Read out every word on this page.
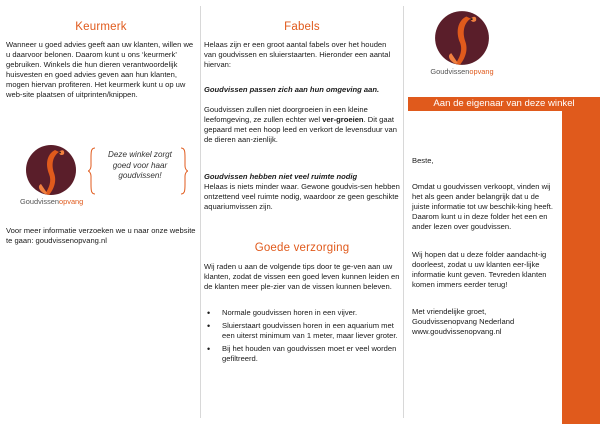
Keurmerk

Wanneer u goed advies geeft aan uw klanten, willen we u daarvoor belonen. Daarom kunt u ons ‘keurmerk’ gebruiken. Winkels die hun dieren verantwoordelijk huisvesten en goed advies geven aan hun klanten, mogen hiervan profiteren. Het keurmerk kunt u op uw web-site plaatsen of uitprinten/knippen.

Goudvissenopvang
Deze winkel zorgt goed voor haar goudvissen!

Voor meer informatie verzoeken we u naar onze website te gaan: goudvissenopvang.nl

Fabels

Helaas zijn er een groot aantal fabels over het houden van goudvissen en sluierstaarten. Hieronder een aantal hiervan:

Goudvissen passen zich aan hun omgeving aan.

Goudvissen zullen niet doorgroeien in een kleine leefomgeving, ze zullen echter wel ver-groeien. Dit gaat gepaard met een hoop leed en verkort de levensduur van de dieren aan-zienlijk.

Goudvissen hebben niet veel ruimte nodig

Helaas is niets minder waar. Gewone goudvis-sen hebben ontzettend veel ruimte nodig, waardoor ze geen geschikte aquariumvissen zijn.

Goede verzorging

Wij raden u aan de volgende tips door te ge-ven aan uw klanten, zodat de vissen een goed leven kunnen leiden en de klanten meer ple-zier van de vissen kunnen beleven.

• Normale goudvissen horen in een vijver.
• Sluierstaart goudvissen horen in een aquarium met een uiterst minimum van 1 meter, maar liever groter.
• Bij het houden van goudvissen moet er veel worden gefiltreerd.
Goudvissenopvang
Aan de eigenaar van deze winkel

Beste,

Omdat u goudvissen verkoopt, vinden wij het als geen ander belangrijk dat u de juiste informatie tot uw beschik-king heeft. Daarom kunt u in deze folder het een en ander lezen over goudvissen.

Wij hopen dat u deze folder aandacht-ig doorleest, zodat u uw klanten eer-lijke informatie kunt geven. Tevreden klanten komen immers eerder terug!

Met vriendelijke groet,

Goudvissenopvang Nederland

www.goudvissenopvang.nl
